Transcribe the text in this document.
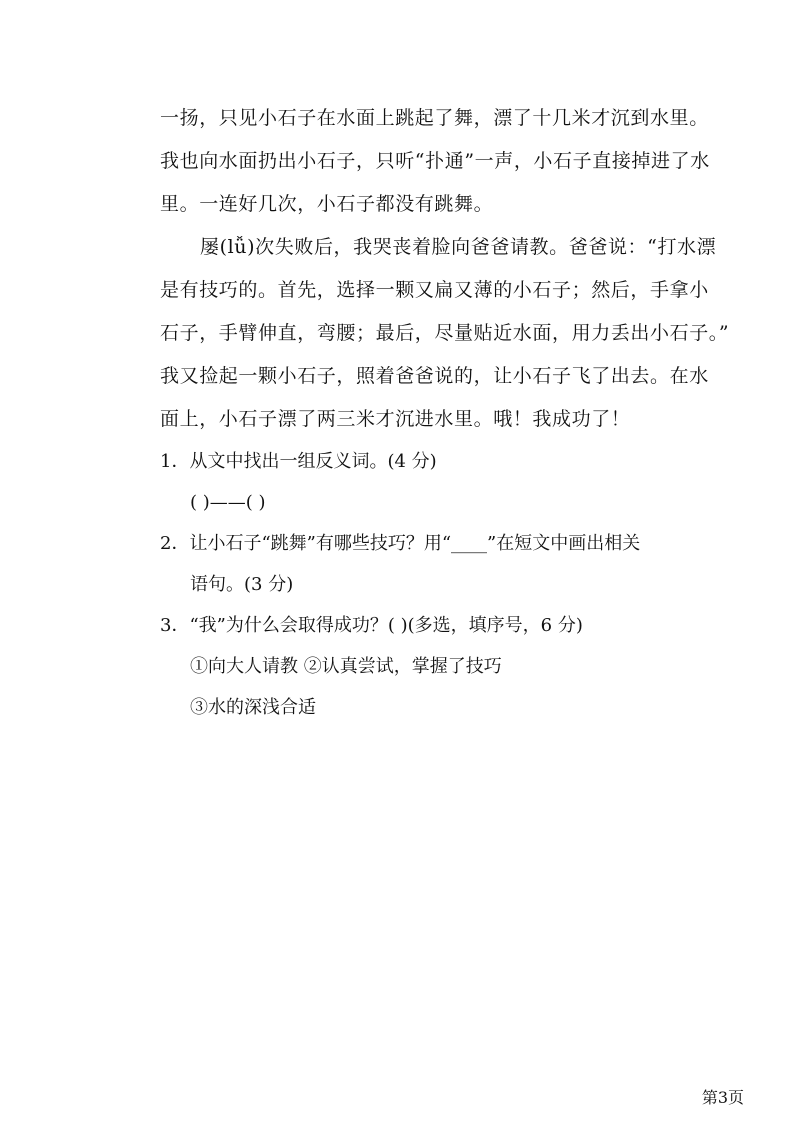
一扬，只见小石子在水面上跳起了舞，漂了十几米才沉到水里。
我也向水面扔出小石子，只听“扑通”一声，小石子直接掉进了水
里。一连好几次，小石子都没有跳舞。
屡(lǚ)次失败后，我哭丧着脸向爸爸请教。爸爸说：“打水漂
是有技巧的。首先，选择一颗又扁又薄的小石子；然后，手拿小
石子，手臂伸直，弯腰；最后，尽量贴近水面，用力丢出小石子。”
我又捡起一颗小石子，照着爸爸说的，让小石子飞了出去。在水
面上，小石子漂了两三米才沉进水里。哦！我成功了！
1．从文中找出一组反义词。(4 分)
( )——( )
2．让小石子“跳舞”有哪些技巧？用“____”在短文中画出相关
语句。(3 分)
3．“我”为什么会取得成功？( )(多选，填序号，6 分)
①向大人请教 ②认真尝试，掌握了技巧
③水的深浅合适
第3页
